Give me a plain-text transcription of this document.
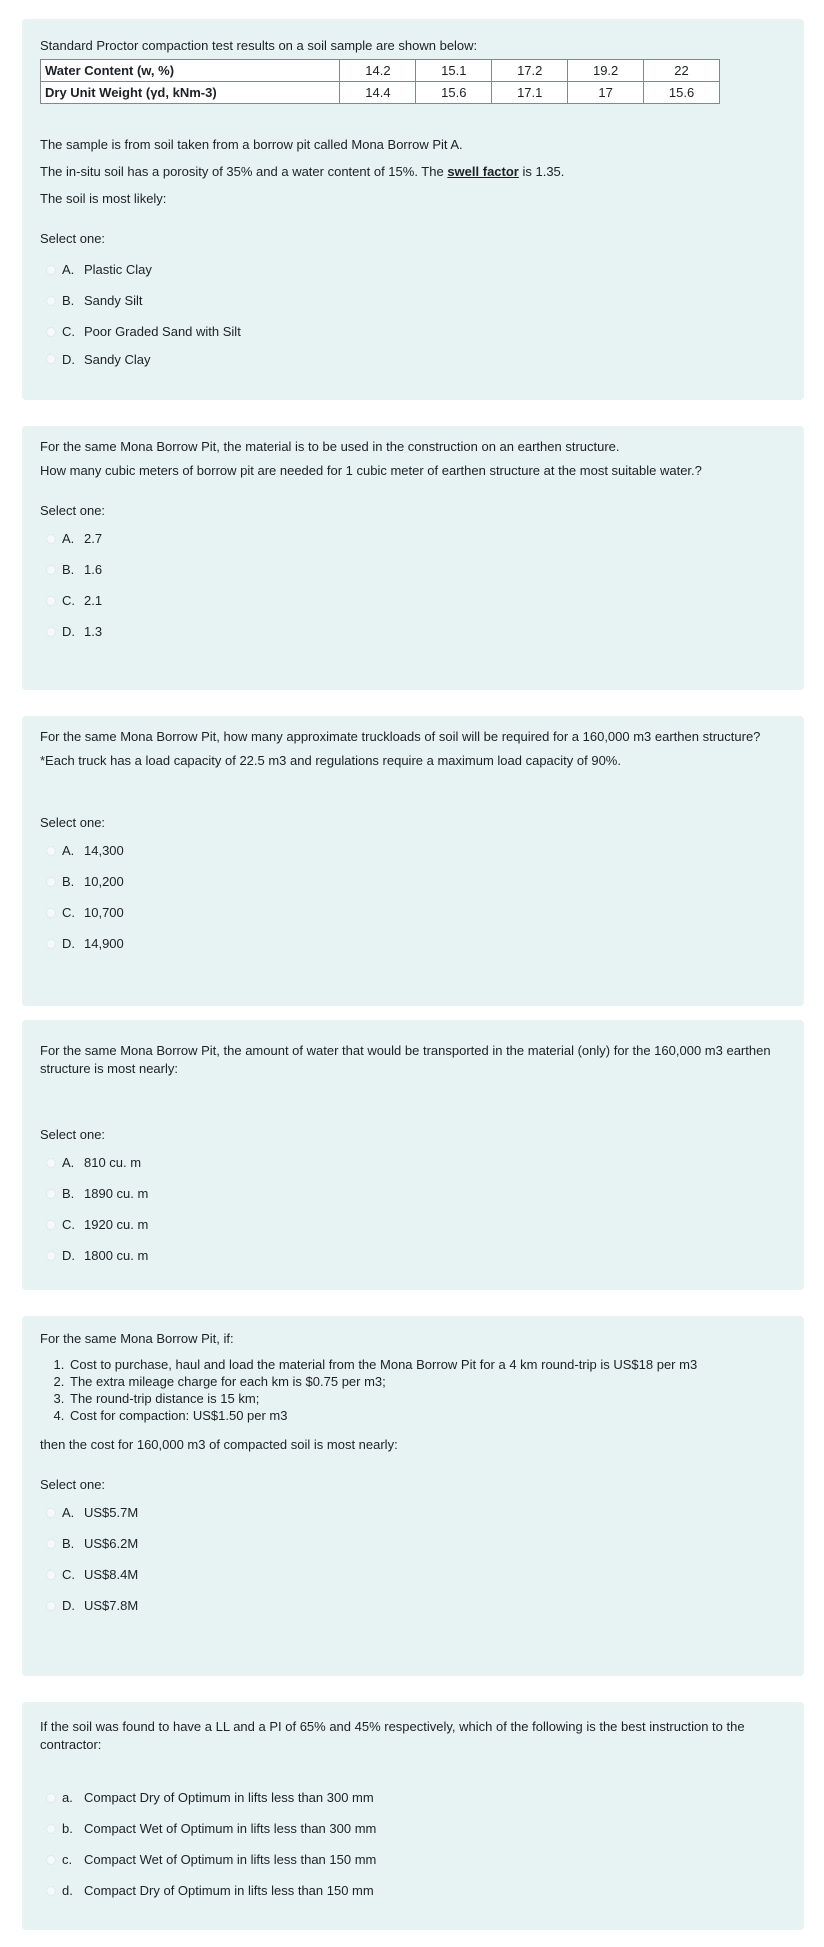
Standard Proctor compaction test results on a soil sample are shown below:

Water Content (w, %)	14.2	15.1	17.2	19.2	22
Dry Unit Weight (γd, kNm-3)	14.4	15.6	17.1	17	15.6

The sample is from soil taken from a borrow pit called Mona Borrow Pit A.

The in-situ soil has a porosity of 35% and a water content of 15%. The swell factor is 1.35.

The soil is most likely:

Select one:

A. Plastic Clay
B. Sandy Silt
C. Poor Graded Sand with Silt
D. Sandy Clay

For the same Mona Borrow Pit, the material is to be used in the construction on an earthen structure.

How many cubic meters of borrow pit are needed for 1 cubic meter of earthen structure at the most suitable water.?

Select one:

A. 2.7
B. 1.6
C. 2.1
D. 1.3

For the same Mona Borrow Pit, how many approximate truckloads of soil will be required for a 160,000 m3 earthen structure?

*Each truck has a load capacity of 22.5 m3 and regulations require a maximum load capacity of 90%.

Select one:

A. 14,300
B. 10,200
C. 10,700
D. 14,900

For the same Mona Borrow Pit, the amount of water that would be transported in the material (only) for the 160,000 m3 earthen structure is most nearly:

Select one:

A. 810 cu. m
B. 1890 cu. m
C. 1920 cu. m
D. 1800 cu. m

For the same Mona Borrow Pit, if:

1. Cost to purchase, haul and load the material from the Mona Borrow Pit for a 4 km round-trip is US$18 per m3
2. The extra mileage charge for each km is $0.75 per m3;
3. The round-trip distance is 15 km;
4. Cost for compaction: US$1.50 per m3

then the cost for 160,000 m3 of compacted soil is most nearly:

Select one:

A. US$5.7M
B. US$6.2M
C. US$8.4M
D. US$7.8M

If the soil was found to have a LL and a PI of 65% and 45% respectively, which of the following is the best instruction to the contractor:

a. Compact Dry of Optimum in lifts less than 300 mm
b. Compact Wet of Optimum in lifts less than 300 mm
c. Compact Wet of Optimum in lifts less than 150 mm
d. Compact Dry of Optimum in lifts less than 150 mm
